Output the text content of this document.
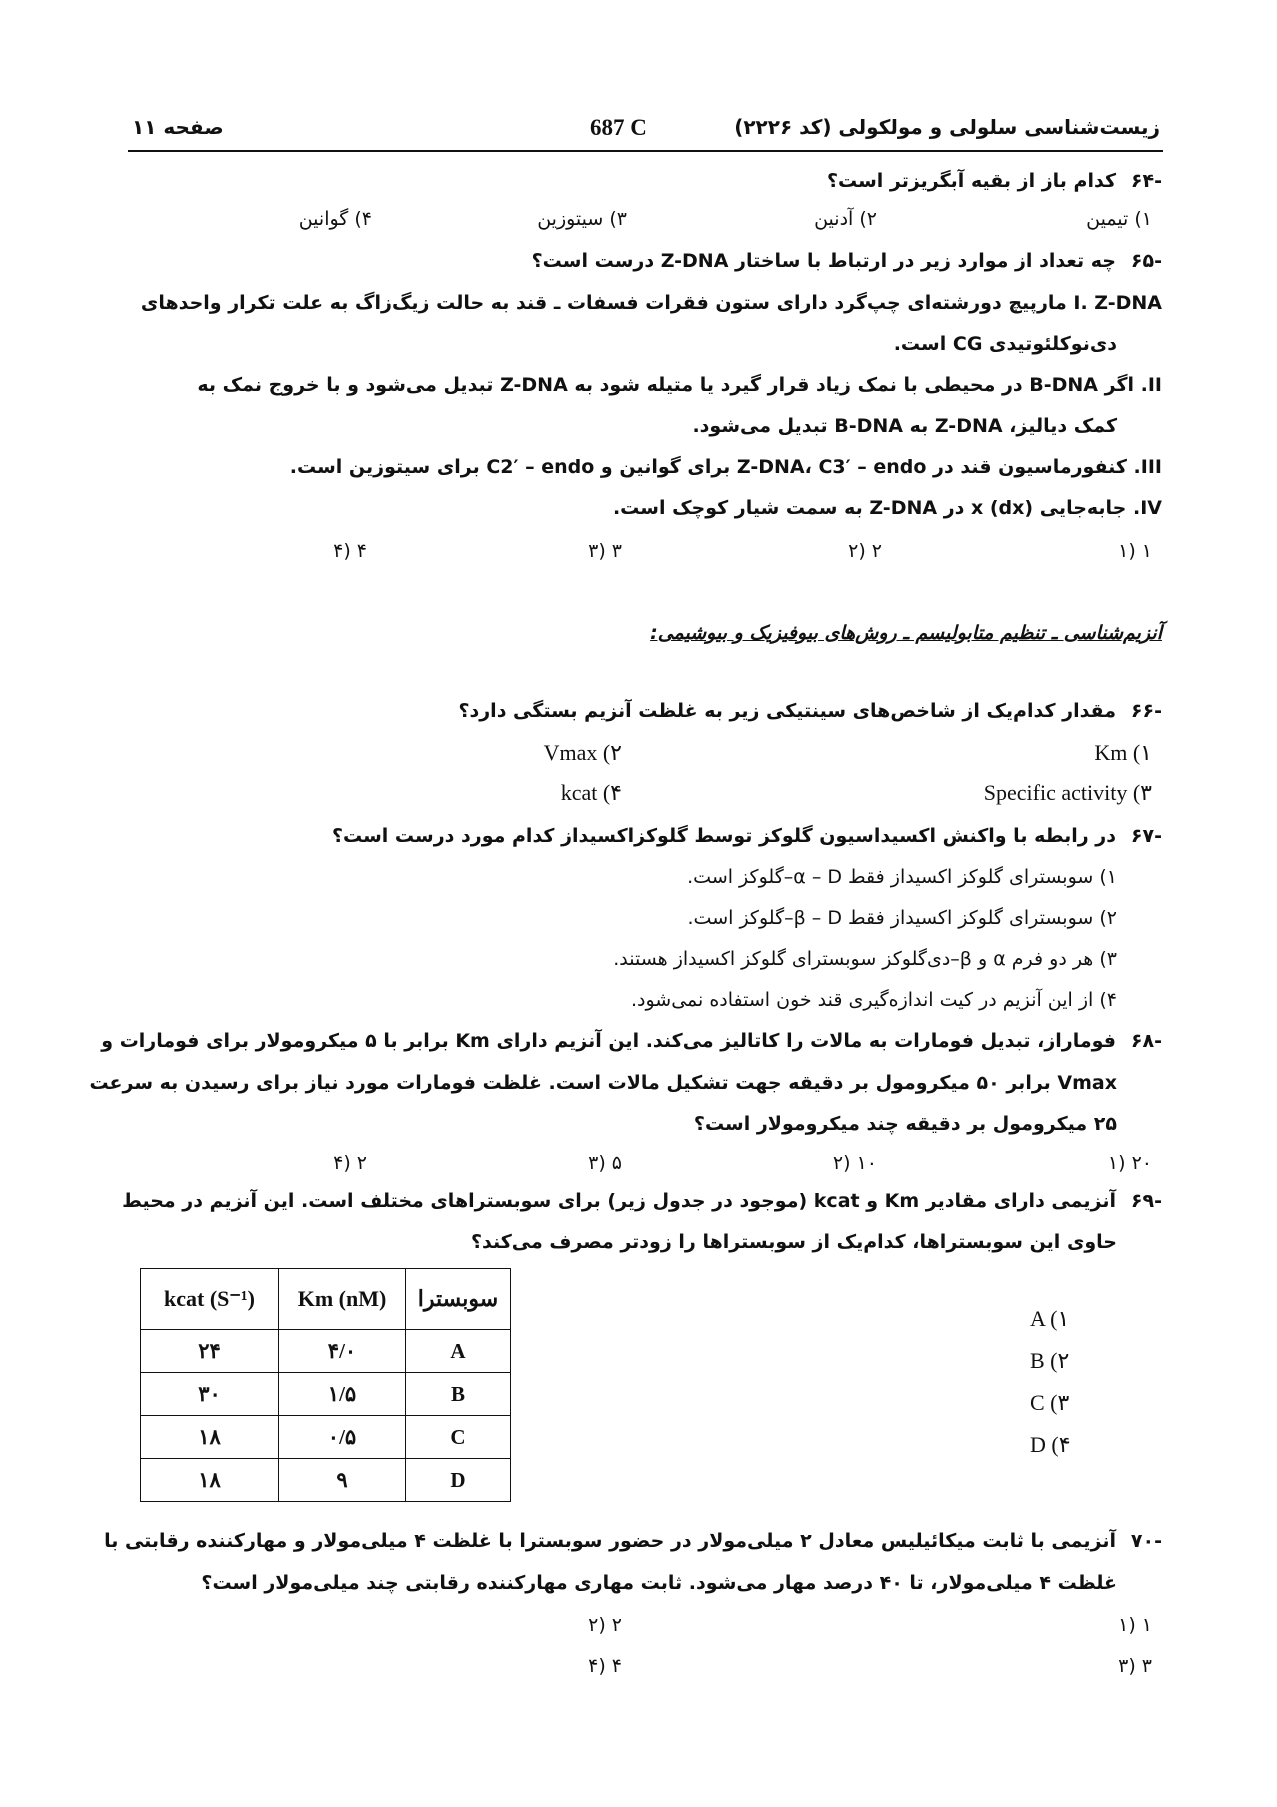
زیست‌شناسی سلولی و مولکولی (کد ۲۲۲۶)
687 C
صفحه ۱۱
-۶۴کدام باز از بقیه آبگریزتر است؟
۱) تیمین
۲) آدنین
۳) سیتوزین
۴) گوانین
-۶۵چه تعداد از موارد زیر در ارتباط با ساختار Z-DNA درست است؟
I. Z-DNA مارپیچ دورشته‌ای چپ‌گرد دارای ستون فقرات فسفات ـ قند به حالت زیگ‌زاگ به علت تکرار واحدهای
دی‌نوکلئوتیدی CG است.
II. اگر B-DNA در محیطی با نمک زیاد قرار گیرد یا متیله شود به Z-DNA تبدیل می‌شود و با خروج نمک به
کمک دیالیز، Z-DNA به B-DNA تبدیل می‌شود.
III. کنفورماسیون قند در Z-DNA، C3′ – endo برای گوانین و C2′ – endo برای سیتوزین است.
IV. جابه‌جایی x (dx) در Z-DNA به سمت شیار کوچک است.
۱ (۱
۲ (۲
۳ (۳
۴ (۴
آنزیم‌شناسی ـ تنظیم متابولیسم ـ روش‌های بیوفیزیک و بیوشیمی:
-۶۶مقدار کدام‌یک از شاخص‌های سینتیکی زیر به غلظت آنزیم بستگی دارد؟
Km (۱
Vmax (۲
Specific activity (۳
kcat (۴
-۶۷در رابطه با واکنش اکسیداسیون گلوکز توسط گلوکزاکسیداز کدام مورد درست است؟
۱) سوبسترای گلوکز اکسیداز فقط α – D–گلوکز است.
۲) سوبسترای گلوکز اکسیداز فقط β – D–گلوکز است.
۳) هر دو فرم α و β–دی‌گلوکز سوبسترای گلوکز اکسیداز هستند.
۴) از این آنزیم در کیت اندازه‌گیری قند خون استفاده نمی‌شود.
-۶۸فوماراز، تبدیل فومارات به مالات را کاتالیز می‌کند. این آنزیم دارای Km برابر با ۵ میکرومولار برای فومارات و
Vmax برابر ۵۰ میکرومول بر دقیقه جهت تشکیل مالات است. غلظت فومارات مورد نیاز برای رسیدن به سرعت
۲۵ میکرومول بر دقیقه چند میکرومولار است؟
۲۰ (۱
۱۰ (۲
۵ (۳
۲ (۴
-۶۹آنزیمی دارای مقادیر Km و kcat (موجود در جدول زیر) برای سوبستراهای مختلف است. این آنزیم در محیط
حاوی این سوبستراها، کدام‌یک از سوبستراها را زودتر مصرف می‌کند؟
kcat (S⁻¹)	Km (nM)	سوبسترا
۲۴	۴/۰	A
۳۰	۱/۵	B
۱۸	۰/۵	C
۱۸	۹	D
A (۱
B (۲
C (۳
D (۴
-۷۰آنزیمی با ثابت میکائیلیس معادل ۲ میلی‌مولار در حضور سوبسترا با غلظت ۴ میلی‌مولار و مهارکننده رقابتی با
غلظت ۴ میلی‌مولار، تا ۴۰ درصد مهار می‌شود. ثابت مهاری مهارکننده رقابتی چند میلی‌مولار است؟
۱ (۱
۲ (۲
۳ (۳
۴ (۴
